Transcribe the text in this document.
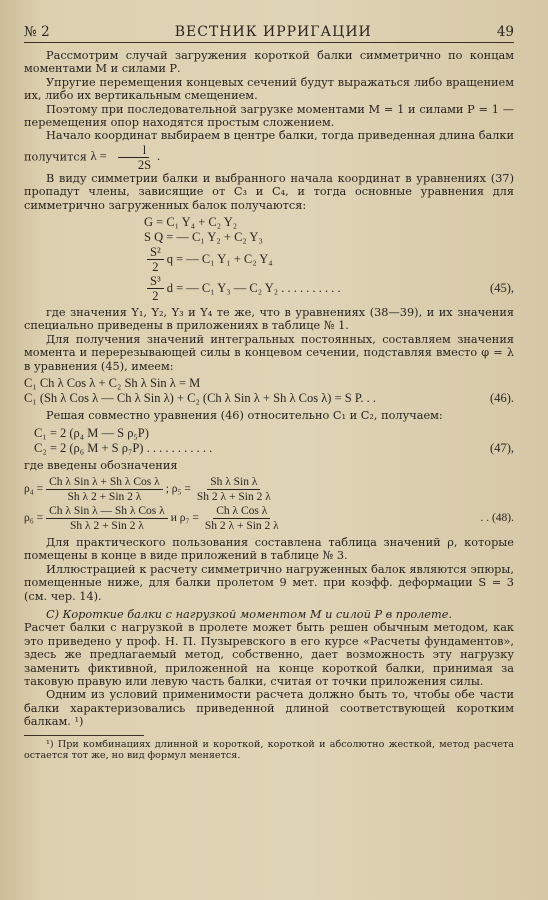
№ 2	ВЕСТНИК ИРРИГАЦИИ	49

Рассмотрим случай загружения короткой балки симметрично по концам моментами М и силами Р.

Упругие перемещения концевых сечений будут выражаться либо вращением их, либо их вертикальным смещением.

Поэтому при последовательной загрузке моментами М = 1 и силами Р = 1 — перемещения опор находятся простым сложением.

Начало координат выбираем в центре балки, тогда приведенная длина балки получится $\lambda = \frac{l}{2S}$ .

В виду симметрии балки и выбранного начала координат в уравнениях (37) пропадут члены, зависящие от C₃ и C₄, и тогда основные уравнения для симметрично загруженных балок получаются:

G = C₁ Y₄ + C₂ Y₂
S Q = — C₁ Y₂ + C₂ Y₃
$\frac{\text{S²}}{2}$ q = — C₁ Y₁ + C₂ Y₄
$\frac{\text{S³}}{2}$ d = — C₁ Y₃ — C₂ Y₂ . . . . . . . . . .	(45),

где значения Y₁, Y₂, Y₃ и Y₄ те же, что в уравнениях (38—39), и их значения специально приведены в приложениях в таблице № 1.

Для получения значений интегральных постоянных, составляем значения момента и перерезывающей силы в концевом сечении, подставляя вместо φ = λ в уравнения (45), имеем:

C₁ Ch λ Cos λ + C₂ Sh λ Sin λ = M
C₁ (Sh λ Cos λ — Ch λ Sin λ) + C₂ (Ch λ Sin λ + Sh λ Cos λ) = S P. . .	(46).

Решая совместно уравнения (46) относительно C₁ и C₂, получаем:

C₁ = 2 (ρ₄ M — S ρ₅P)
C₂ = 2 (ρ₆ M + S ρ₇P) . . . . . . . . . . .	(47),

где введены обозначения

$\rho_4 = \frac{\text{Ch λ Sin λ + Sh λ Cos λ}}{\text{Sh λ 2 + Sin 2 λ}}$ ; $\rho_5 = \frac{\text{Sh λ Sin λ}}{\text{Sh 2 λ + Sin 2 λ}}$
$\rho_6 = \frac{\text{Ch λ Sin λ — Sh λ Cos λ}}{\text{Sh λ 2 + Sin 2 λ}}$ и $\rho_7 = \frac{\text{Ch λ Cos λ}}{\text{Sh 2 λ + Sin 2 λ}}$	. . (48).

Для практического пользования составлена таблица значений ρ, которые помещены в конце в виде приложений в таблице № 3.

Иллюстрацией к расчету симметрично нагруженных балок являются эпюры, помещенные ниже, для балки пролетом 9 мет. при коэфф. деформации S = 3 (см. чер. 14).

С) Короткие балки с нагрузкой моментом М и силой Р в пролете.

Расчет балки с нагрузкой в пролете может быть решен обычным методом, как это приведено у проф. Н. П. Пузыревского в его курсе «Расчеты фундаментов», здесь же предлагаемый метод, собственно, дает возможность эту нагрузку заменить фиктивной, приложенной на конце короткой балки, принимая за таковую правую или левую часть балки, считая от точки приложения силы.

Одним из условий применимости расчета должно быть то, чтобы обе части балки характеризовались приведенной длиной соответствующей коротким балкам. ¹)

¹) При комбинациях длинной и короткой, короткой и абсолютно жесткой, метод расчета остается тот же, но вид формул меняется.
